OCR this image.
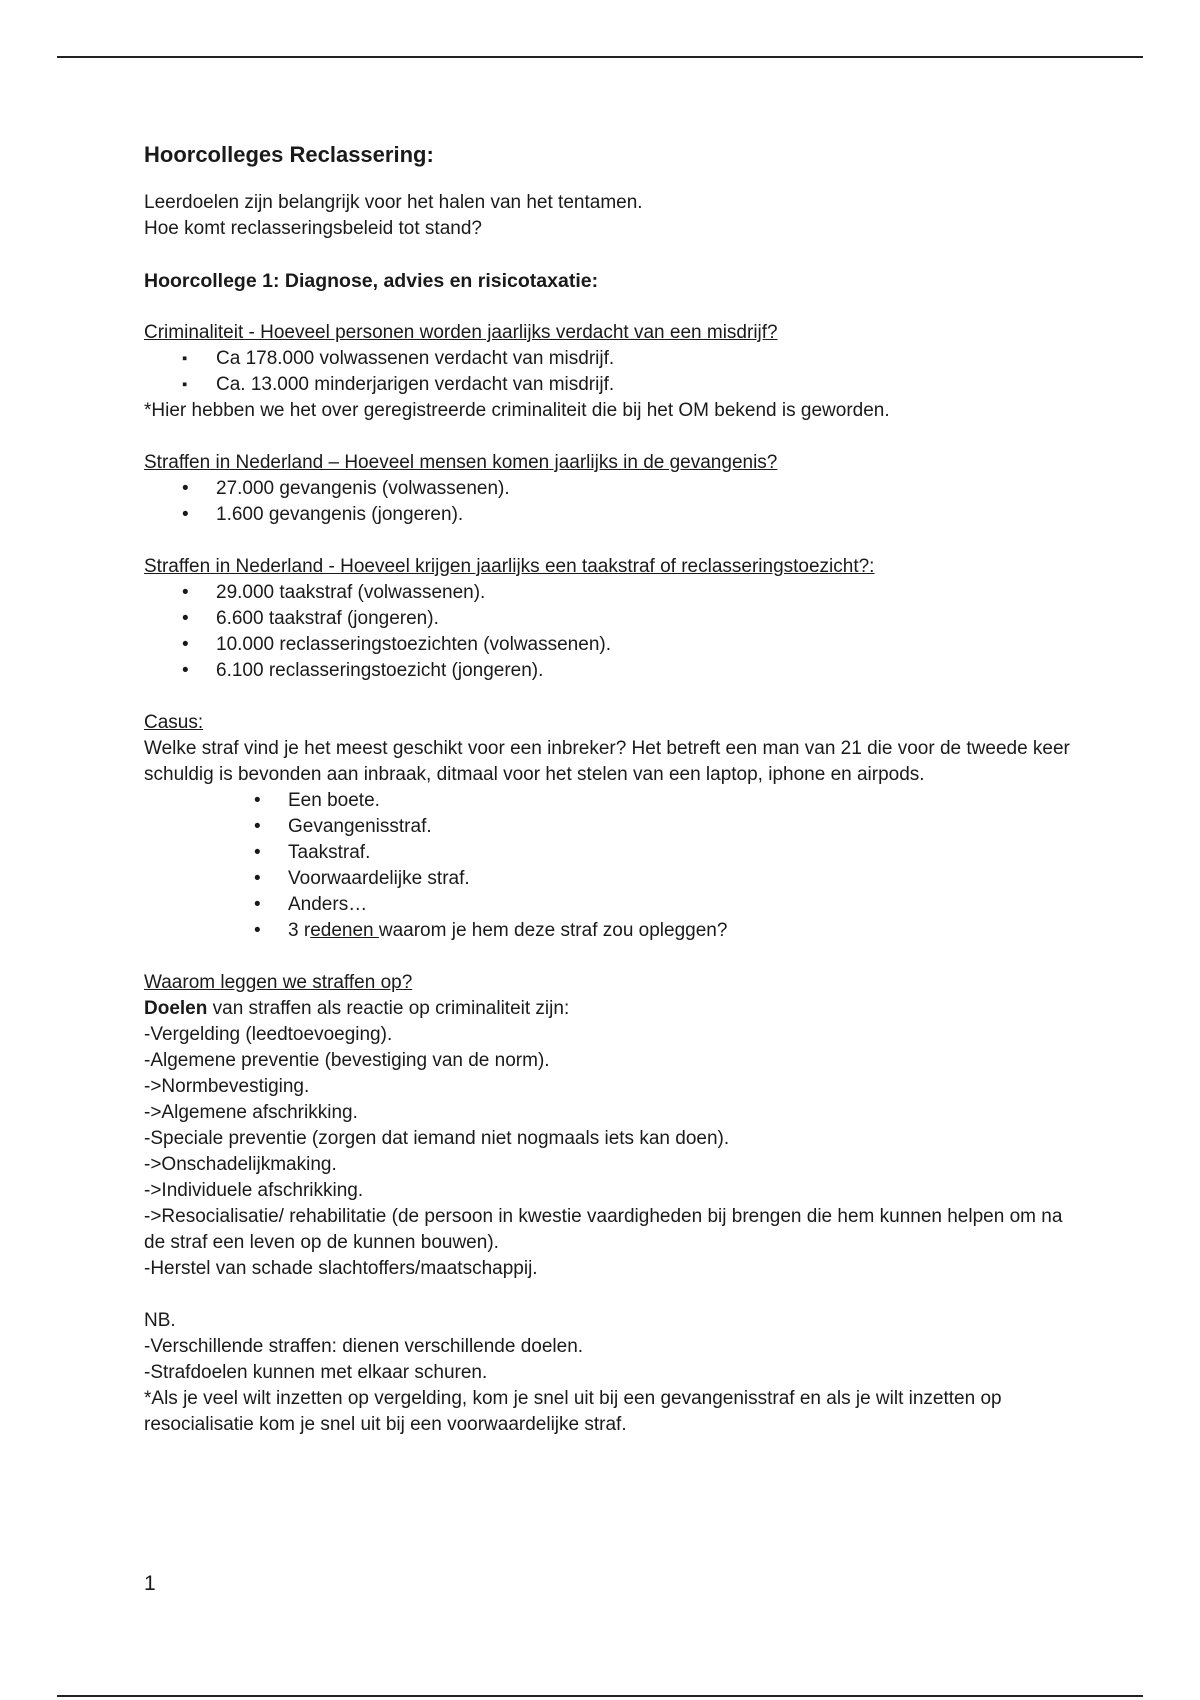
Hoorcolleges Reclassering:

Leerdoelen zijn belangrijk voor het halen van het tentamen.

Hoe komt reclasseringsbeleid tot stand?

Hoorcollege 1: Diagnose, advies en risicotaxatie:

Criminaliteit - Hoeveel personen worden jaarlijks verdacht van een misdrijf?

▪ Ca 178.000 volwassenen verdacht van misdrijf.
▪ Ca. 13.000 minderjarigen verdacht van misdrijf.

*Hier hebben we het over geregistreerde criminaliteit die bij het OM bekend is geworden.

Straffen in Nederland – Hoeveel mensen komen jaarlijks in de gevangenis?

• 27.000 gevangenis (volwassenen).
• 1.600 gevangenis (jongeren).

Straffen in Nederland - Hoeveel krijgen jaarlijks een taakstraf of reclasseringstoezicht?:

• 29.000 taakstraf (volwassenen).
• 6.600 taakstraf (jongeren).
• 10.000 reclasseringstoezichten (volwassenen).
• 6.100 reclasseringstoezicht (jongeren).

Casus:

Welke straf vind je het meest geschikt voor een inbreker? Het betreft een man van 21 die voor de tweede keer schuldig is bevonden aan inbraak, ditmaal voor het stelen van een laptop, iphone en airpods.

• Een boete.
• Gevangenisstraf.
• Taakstraf.
• Voorwaardelijke straf.
• Anders…
• 3 redenen waarom je hem deze straf zou opleggen?

Waarom leggen we straffen op?

Doelen van straffen als reactie op criminaliteit zijn:

-Vergelding (leedtoevoeging).

-Algemene preventie (bevestiging van de norm).

->Normbevestiging.

->Algemene afschrikking.

-Speciale preventie (zorgen dat iemand niet nogmaals iets kan doen).

->Onschadelijkmaking.

->Individuele afschrikking.

->Resocialisatie/ rehabilitatie (de persoon in kwestie vaardigheden bij brengen die hem kunnen helpen om na de straf een leven op de kunnen bouwen).

-Herstel van schade slachtoffers/maatschappij.

NB.

-Verschillende straffen: dienen verschillende doelen.

-Strafdoelen kunnen met elkaar schuren.

*Als je veel wilt inzetten op vergelding, kom je snel uit bij een gevangenisstraf en als je wilt inzetten op resocialisatie kom je snel uit bij een voorwaardelijke straf.

1
